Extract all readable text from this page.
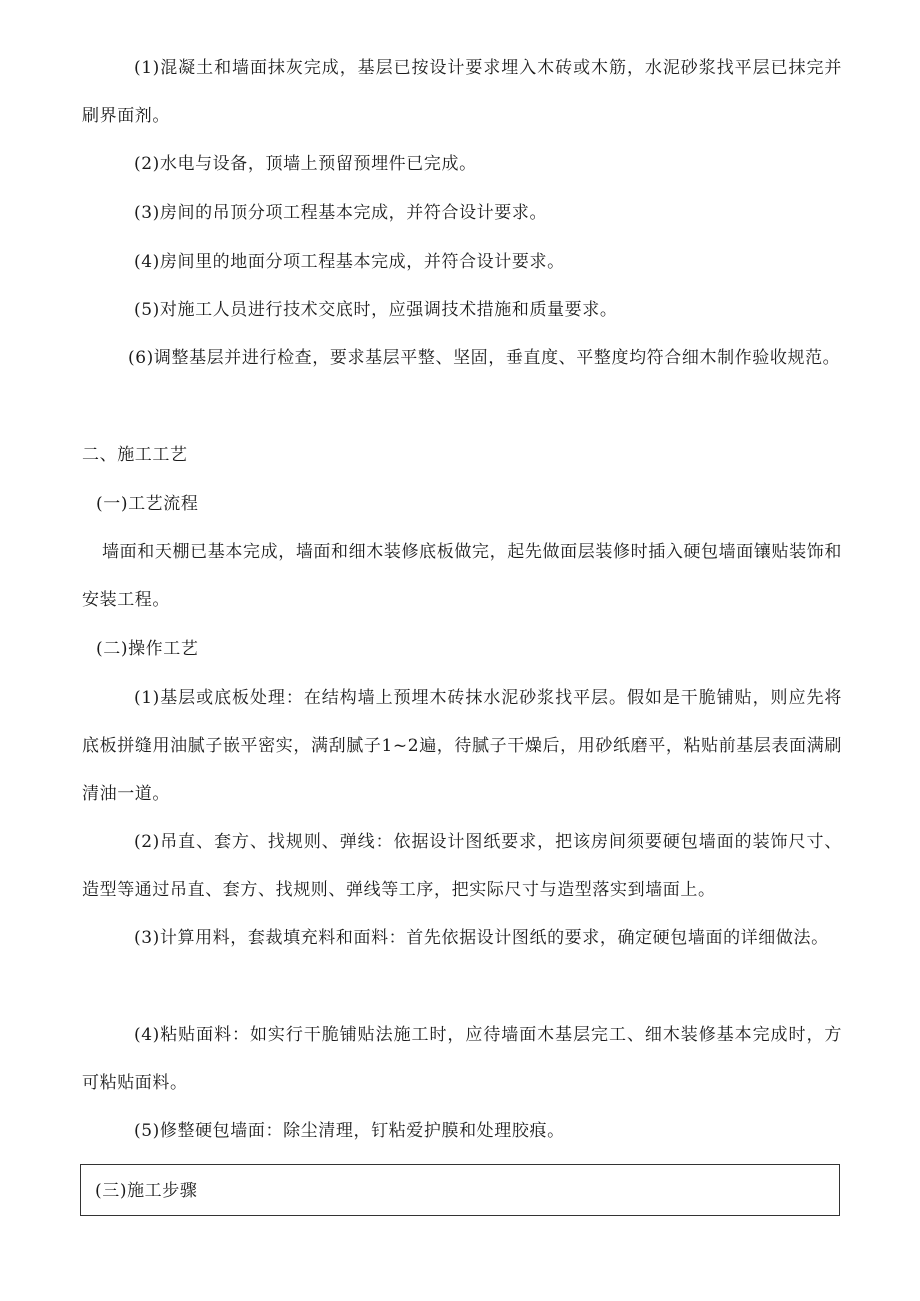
(1)混凝土和墙面抹灰完成，基层已按设计要求埋入木砖或木筋，水泥砂浆找平层已抹完并刷界面剂。

(2)水电与设备，顶墙上预留预埋件已完成。

(3)房间的吊顶分项工程基本完成，并符合设计要求。

(4)房间里的地面分项工程基本完成，并符合设计要求。

(5)对施工人员进行技术交底时，应强调技术措施和质量要求。

(6)调整基层并进行检查，要求基层平整、坚固，垂直度、平整度均符合细木制作验收规范。

二、施工工艺

(一)工艺流程

墙面和天棚已基本完成，墙面和细木装修底板做完，起先做面层装修时插入硬包墙面镶贴装饰和安装工程。

(二)操作工艺

(1)基层或底板处理：在结构墙上预埋木砖抹水泥砂浆找平层。假如是干脆铺贴，则应先将底板拼缝用油腻子嵌平密实，满刮腻子1~2遍，待腻子干燥后，用砂纸磨平，粘贴前基层表面满刷清油一道。

(2)吊直、套方、找规则、弹线：依据设计图纸要求，把该房间须要硬包墙面的装饰尺寸、造型等通过吊直、套方、找规则、弹线等工序，把实际尺寸与造型落实到墙面上。

(3)计算用料，套裁填充料和面料：首先依据设计图纸的要求，确定硬包墙面的详细做法。

(4)粘贴面料：如实行干脆铺贴法施工时，应待墙面木基层完工、细木装修基本完成时，方可粘贴面料。

(5)修整硬包墙面：除尘清理，钉粘爱护膜和处理胶痕。

(三)施工步骤
